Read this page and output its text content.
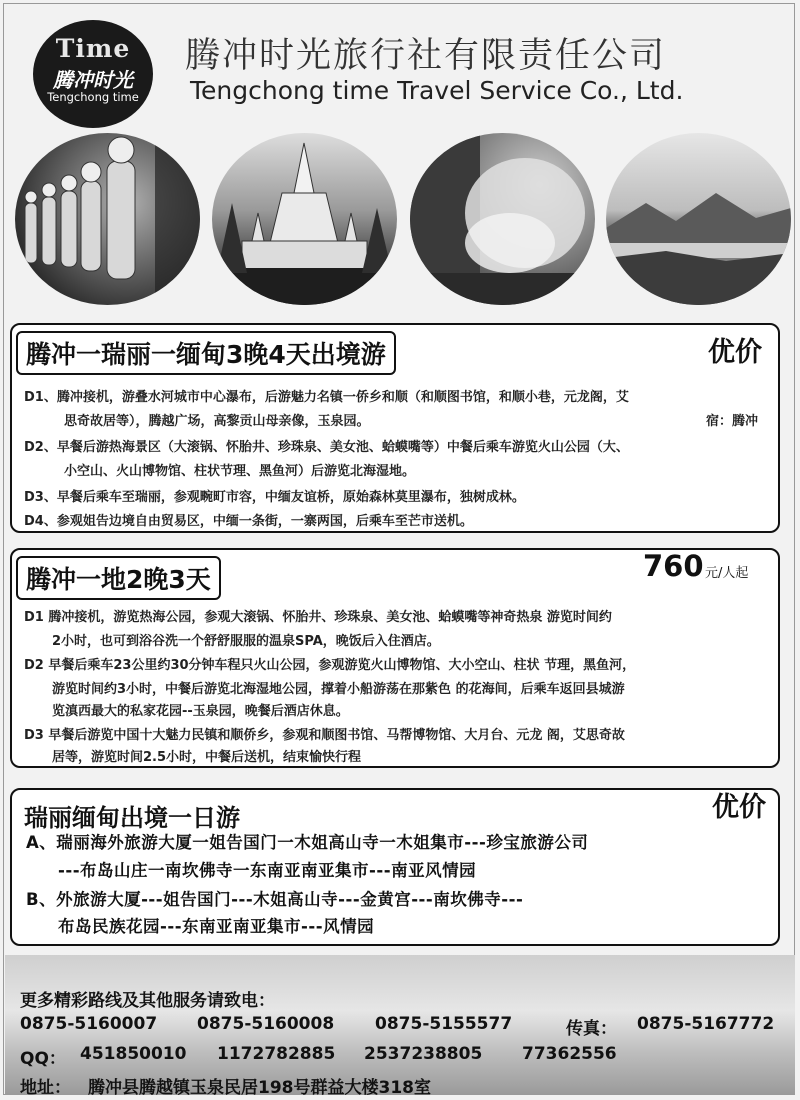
Time
腾冲时光
Tengchong time
腾冲时光旅行社有限责任公司
Tengchong time Travel Service Co., Ltd.
腾冲一瑞丽一缅甸3晚4天出境游	优价
D1、腾冲接机，游叠水河城市中心瀑布，后游魅力名镇一侨乡和顺（和顺图书馆，和顺小巷，元龙阁，艾
思奇故居等），腾越广场，高黎贡山母亲像，玉泉园。	宿：腾冲
D2、早餐后游热海景区（大滚锅、怀胎井、珍珠泉、美女池、蛤蟆嘴等）中餐后乘车游览火山公园（大、
小空山、火山博物馆、柱状节理、黑鱼河）后游览北海湿地。
D3、早餐后乘车至瑞丽，参观畹町市容，中缅友谊桥，原始森林莫里瀑布，独树成林。
D4、参观姐告边境自由贸易区，中缅一条街，一寨两国，后乘车至芒市送机。
腾冲一地2晚3天	760 元/人起
D1 腾冲接机，游览热海公园，参观大滚锅、怀胎井、珍珠泉、美女池、蛤蟆嘴等神奇热泉 游览时间约
2小时，也可到浴谷洗一个舒舒服服的温泉SPA，晚饭后入住酒店。
D2 早餐后乘车23公里约30分钟车程只火山公园，参观游览火山博物馆、大小空山、柱状 节理，黑鱼河，
游览时间约3小时，中餐后游览北海湿地公园，撑着小船游荡在那紫色 的花海间，后乘车返回县城游
览滇西最大的私家花园--玉泉园，晚餐后酒店休息。
D3 早餐后游览中国十大魅力民镇和顺侨乡，参观和顺图书馆、马帮博物馆、大月台、元龙 阁，艾思奇故
居等，游览时间2.5小时，中餐后送机，结束愉快行程
瑞丽缅甸出境一日游	优价
A、瑞丽海外旅游大厦一姐告国门一木姐高山寺一木姐集市---珍宝旅游公司
---布岛山庄一南坎佛寺一东南亚南亚集市---南亚风情园
B、外旅游大厦---姐告国门---木姐高山寺---金黄宫---南坎佛寺---
布岛民族花园---东南亚南亚集市---风情园
更多精彩路线及其他服务请致电：
0875-5160007 0875-5160008 0875-5155577	传真： 0875-5167772
QQ： 451850010 1172782885 2537238805 77362556
地址： 腾冲县腾越镇玉泉民居198号群益大楼318室
